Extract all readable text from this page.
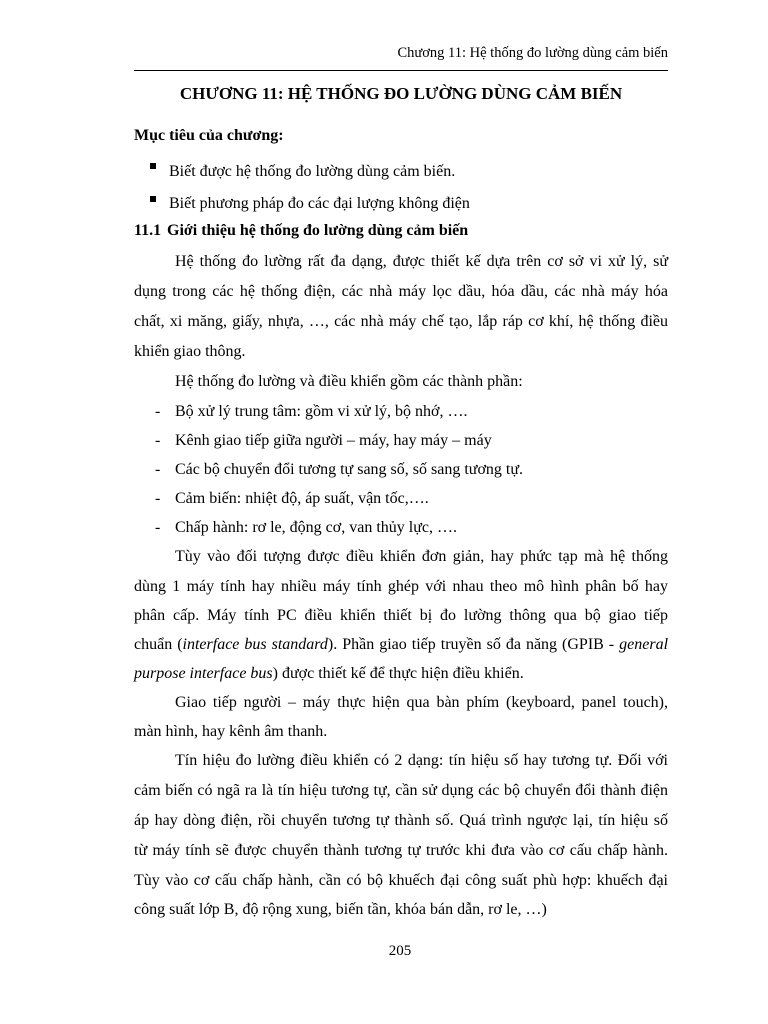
Chương 11: Hệ thống đo lường dùng cảm biến
CHƯƠNG 11: HỆ THỐNG ĐO LƯỜNG DÙNG CẢM BIẾN
Mục tiêu của chương:
Biết được hệ thống đo lường dùng cảm biến.
Biết phương pháp đo các đại lượng không điện
11.1 Giới thiệu hệ thống đo lường dùng cảm biến
Hệ thống đo lường rất đa dạng, được thiết kế dựa trên cơ sở vi xử lý, sử
dụng trong các hệ thống điện, các nhà máy lọc dầu, hóa dầu, các nhà máy hóa
chất, xi măng, giấy, nhựa, …, các nhà máy chế tạo, lắp ráp cơ khí, hệ thống điều
khiển giao thông.
Hệ thống đo lường và điều khiển gồm các thành phần:
- Bộ xử lý trung tâm: gồm vi xử lý, bộ nhớ, ….
- Kênh giao tiếp giữa người – máy, hay máy – máy
- Các bộ chuyển đổi tương tự sang số, số sang tương tự.
- Cảm biến: nhiệt độ, áp suất, vận tốc,….
- Chấp hành: rơ le, động cơ, van thủy lực, ….
Tùy vào đối tượng được điều khiển đơn giản, hay phức tạp mà hệ thống
dùng 1 máy tính hay nhiều máy tính ghép với nhau theo mô hình phân bố hay
phân cấp. Máy tính PC điều khiển thiết bị đo lường thông qua bộ giao tiếp
chuẩn (interface bus standard). Phần giao tiếp truyền số đa năng (GPIB - general
purpose interface bus) được thiết kế để thực hiện điều khiển.
Giao tiếp người – máy thực hiện qua bàn phím (keyboard, panel touch),
màn hình, hay kênh âm thanh.
Tín hiệu đo lường điều khiển có 2 dạng: tín hiệu số hay tương tự. Đối với
cảm biến có ngã ra là tín hiệu tương tự, cần sử dụng các bộ chuyển đổi thành điện
áp hay dòng điện, rồi chuyển tương tự thành số. Quá trình ngược lại, tín hiệu số
từ máy tính sẽ được chuyển thành tương tự trước khi đưa vào cơ cấu chấp hành.
Tùy vào cơ cấu chấp hành, cần có bộ khuếch đại công suất phù hợp: khuếch đại
công suất lớp B, độ rộng xung, biến tần, khóa bán dẫn, rơ le, …)
205
